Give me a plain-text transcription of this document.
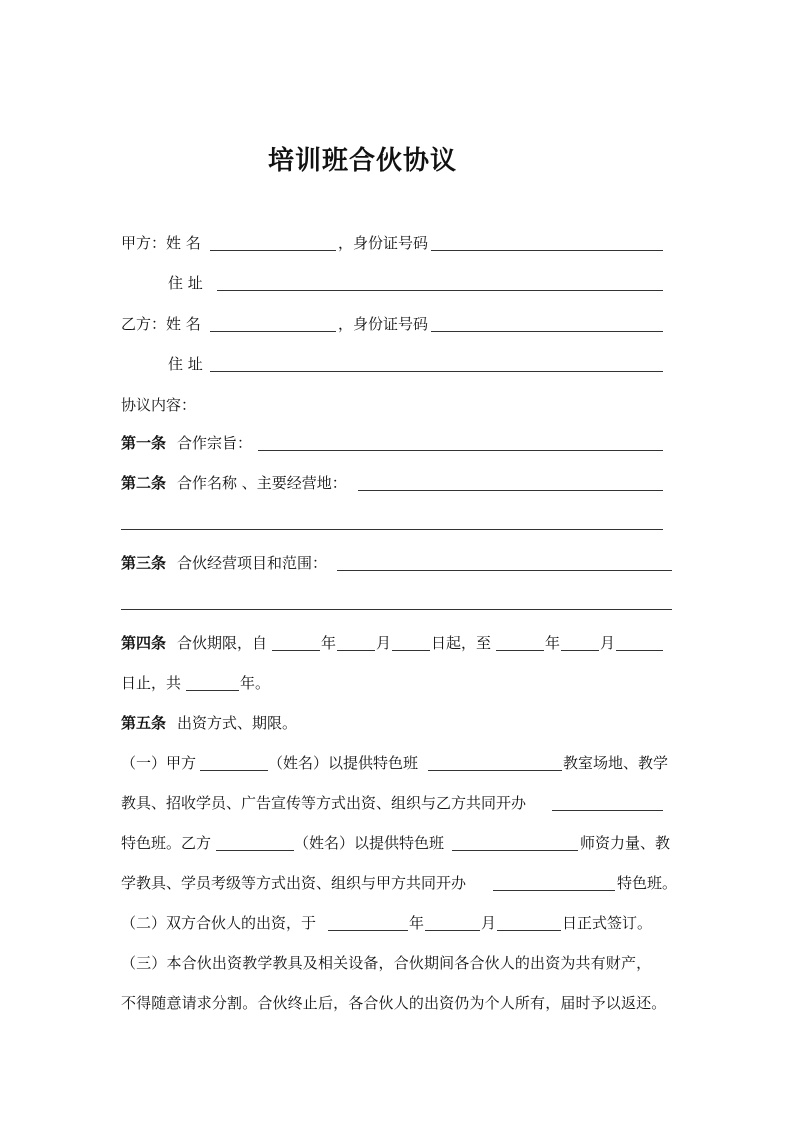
培训班合伙协议
甲方：姓 名	，身份证号码
住 址
乙方：姓 名	，身份证号码
住 址
协议内容：
第一条 合作宗旨：
第二条 合作名称 、主要经营地：
第三条 合伙经营项目和范围：
第四条 合伙期限，自	年	月	日起，至	年	月
日止，共	年。
第五条 出资方式、期限。
（一）甲方	（姓名）以提供特色班	教室场地、教学
教具、招收学员、广告宣传等方式出资、组织与乙方共同开办
特色班。乙方	（姓名）以提供特色班	师资力量、教
学教具、学员考级等方式出资、组织与甲方共同开办	特色班。
（二）双方合伙人的出资，于	年	月	日正式签订。
（三）本合伙出资教学教具及相关设备，合伙期间各合伙人的出资为共有财产，
不得随意请求分割。合伙终止后，各合伙人的出资仍为个人所有，届时予以返还。
